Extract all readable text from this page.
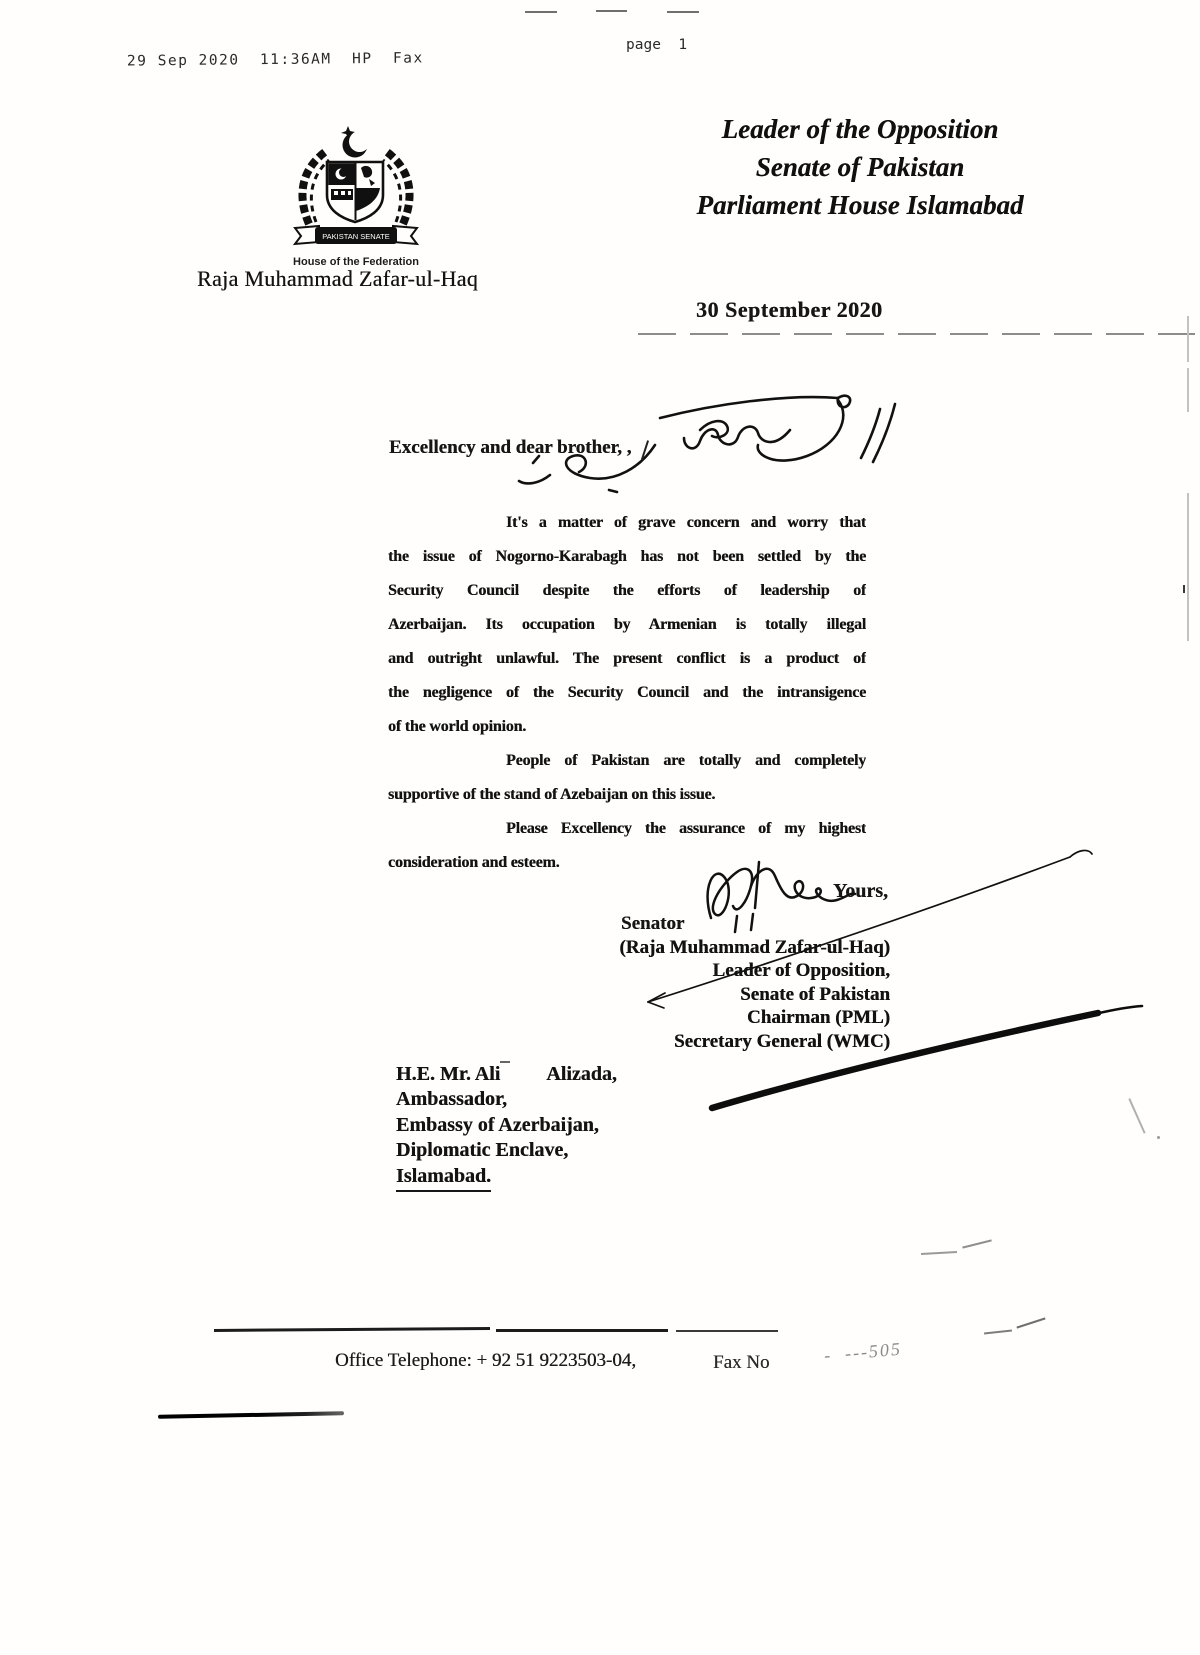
29 Sep 2020  11:36AM  HP  Fax
page  1
PAKISTAN SENATE
House of the Federation
Raja Muhammad Zafar-ul-Haq
Leader of the Opposition
Senate of Pakistan
Parliament House Islamabad
30 September 2020
Excellency and dear brother, ,
It's a matter of grave concern and worry that
the issue of Nogorno-Karabagh has not been settled by the
Security Council despite the efforts of leadership of
Azerbaijan. Its occupation by Armenian is totally illegal
and outright unlawful. The present conflict is a product of
the negligence of the Security Council and the intransigence
of the world opinion.
People of Pakistan are totally and completely
supportive of the stand of Azebaijan on this issue.
Please Excellency the assurance of my highest
consideration and esteem.
Yours,
Senator
(Raja Muhammad Zafar-ul-Haq)
Leader of Opposition,
Senate of Pakistan
Chairman (PML)
Secretary General (WMC)
H.E. Mr. Ali Alizada,
Ambassador,
Embassy of Azerbaijan,
Diplomatic Enclave,
Islamabad.
Office Telephone: + 92 51 9223503-04,	Fax No	-  ---505
